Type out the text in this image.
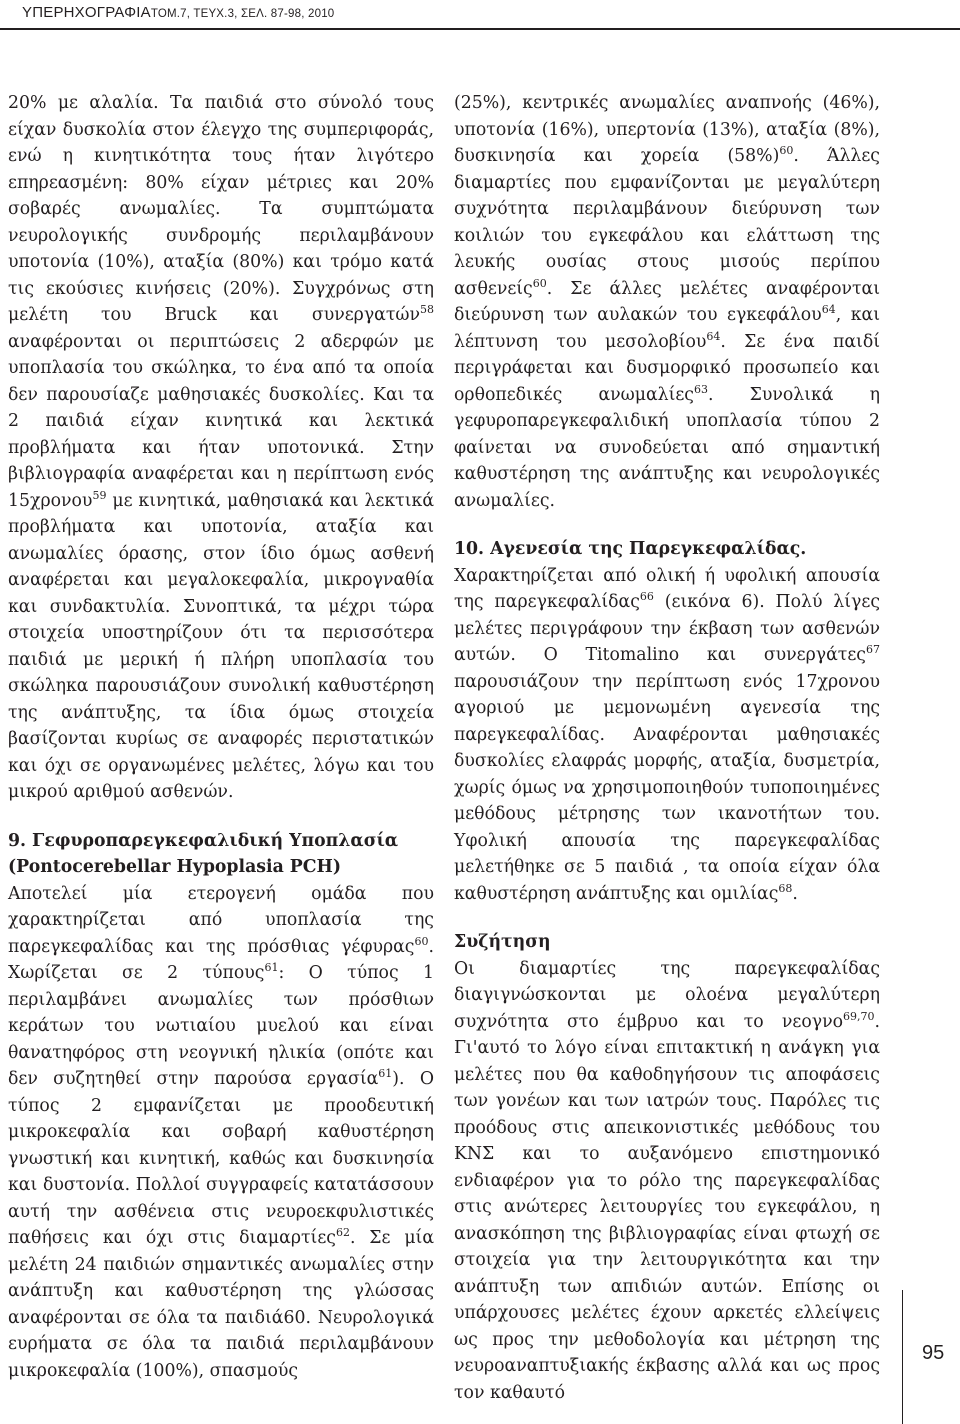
ΥΠΕΡΗΧΟΓΡΑΦΙΑΤΟΜ.7, ΤΕΥΧ.3, ΣΕΛ. 87-98, 2010

20% με αλαλία. Τα παιδιά στο σύνολό τους είχαν δυσκολία στον έλεγχο της συμπεριφοράς, ενώ η κινητικότητα τους ήταν λιγότερο επηρεασμένη: 80% είχαν μέτριες και 20% σοβαρές ανωμαλίες. Τα συμπτώματα νευρολογικής συνδρομής περιλαμβάνουν υποτονία (10%), αταξία (80%) και τρόμο κατά τις εκούσιες κινήσεις (20%). Συγχρόνως στη μελέτη του Bruck και συνεργατών$^{58}$ αναφέρονται οι περιπτώσεις 2 αδερφών με υποπλασία του σκώληκα, το ένα από τα οποία δεν παρουσίαζε μαθησιακές δυσκολίες. Και τα 2 παιδιά είχαν κινητικά και λεκτικά προβλήματα και ήταν υποτονικά. Στην βιβλιογραφία αναφέρεται και η περίπτωση ενός 15χρονου$^{59}$ με κινητικά, μαθησιακά και λεκτικά προβλήματα και υποτονία, αταξία και ανωμαλίες όρασης, στον ίδιο όμως ασθενή αναφέρεται και μεγαλοκεφαλία, μικρογναθία και συνδακτυλία. Συνοπτικά, τα μέχρι τώρα στοιχεία υποστηρίζουν ότι τα περισσότερα παιδιά με μερική ή πλήρη υποπλασία του σκώληκα παρουσιάζουν συνολική καθυστέρηση της ανάπτυξης, τα ίδια όμως στοιχεία βασίζονται κυρίως σε αναφορές περιστατικών και όχι σε οργανωμένες μελέτες, λόγω και του μικρού αριθμού ασθενών.

9. Γεφυροπαρεγκεφαλιδική Υποπλασία

(Pontocerebellar Hypoplasia PCH)

Αποτελεί μία ετερογενή ομάδα που χαρακτηρίζεται από υποπλασία της παρεγκεφαλίδας και της πρόσθιας γέφυρας$^{60}$. Χωρίζεται σε 2 τύπους$^{61}$: Ο τύπος 1 περιλαμβάνει ανωμαλίες των πρόσθιων κεράτων του νωτιαίου μυελού και είναι θανατηφόρος στη νεογνική ηλικία (οπότε και δεν συζητηθεί στην παρούσα εργασία$^{61}$). Ο τύπος 2 εμφανίζεται με προοδευτική μικροκεφαλία και σοβαρή καθυστέρηση γνωστική και κινητική, καθώς και δυσκινησία και δυστονία. Πολλοί συγγραφείς κατατάσσουν αυτή την ασθένεια στις νευροεκφυλιστικές παθήσεις και όχι στις διαμαρτίες$^{62}$. Σε μία μελέτη 24 παιδιών σημαντικές ανωμαλίες στην ανάπτυξη και καθυστέρηση της γλώσσας αναφέρονται σε όλα τα παιδιά60. Νευρολογικά ευρήματα σε όλα τα παιδιά περιλαμβάνουν μικροκεφαλία (100%), σπασμούς

(25%), κεντρικές ανωμαλίες αναπνοής (46%), υποτονία (16%), υπερτονία (13%), αταξία (8%), δυσκινησία και χορεία $(58\%)^{60}$. Άλλες διαμαρτίες που εμφανίζονται με μεγαλύτερη συχνότητα περιλαμβάνουν διεύρυνση των κοιλιών του εγκεφάλου και ελάττωση της λευκής ουσίας στους μισούς περίπου ασθενείς$^{60}$. Σε άλλες μελέτες αναφέρονται διεύρυνση των αυλακών του εγκεφάλου$^{64}$, και λέπτυνση του μεσολοβίου$^{64}$. Σε ένα παιδί περιγράφεται και δυσμορφικό προσωπείο και ορθοπεδικές ανωμαλίες$^{63}$. Συνολικά η γεφυροπαρεγκεφαλιδική υποπλασία τύπου 2 φαίνεται να συνοδεύεται από σημαντική καθυστέρηση της ανάπτυξης και νευρολογικές ανωμαλίες.

10. Αγενεσία της Παρεγκεφαλίδας.

Χαρακτηρίζεται από ολική ή υφολική απουσία της παρεγκεφαλίδας$^{66}$ (εικόνα 6). Πολύ λίγες μελέτες περιγράφουν την έκβαση των ασθενών αυτών. O Titomalino και συνεργάτες$^{67}$ παρουσιάζουν την περίπτωση ενός 17χρονου αγοριού με μεμονωμένη αγενεσία της παρεγκεφαλίδας. Αναφέρονται μαθησιακές δυσκολίες ελαφράς μορφής, αταξία, δυσμετρία, χωρίς όμως να χρησιμοποιηθούν τυποποιημένες μεθόδους μέτρησης των ικανοτήτων του. Υφολική απουσία της παρεγκεφαλίδας μελετήθηκε σε 5 παιδιά , τα οποία είχαν όλα καθυστέρηση ανάπτυξης και ομιλίας$^{68}$.

Συζήτηση

Οι διαμαρτίες της παρεγκεφαλίδας διαγιγνώσκονται με ολοένα μεγαλύτερη συχνότητα στο έμβρυο και το νεογνο$^{69,70}$. Γι'αυτό το λόγο είναι επιτακτική η ανάγκη για μελέτες που θα καθοδηγήσουν τις αποφάσεις των γονέων και των ιατρών τους. Παρόλες τις προόδους στις απεικονιστικές μεθόδους του ΚΝΣ και το αυξανόμενο επιστημονικό ενδιαφέρον για το ρόλο της παρεγκεφαλίδας στις ανώτερες λειτουργίες του εγκεφάλου, η ανασκόπηση της βιβλιογραφίας είναι φτωχή σε στοιχεία για την λειτουργικότητα και την ανάπτυξη των απιδιών αυτών. Επίσης οι υπάρχουσες μελέτες έχουν αρκετές ελλείψεις ως προς την μεθοδολογία και μέτρηση της νευροαναπτυξιακής έκβασης αλλά και ως προς τον καθαυτό

95
